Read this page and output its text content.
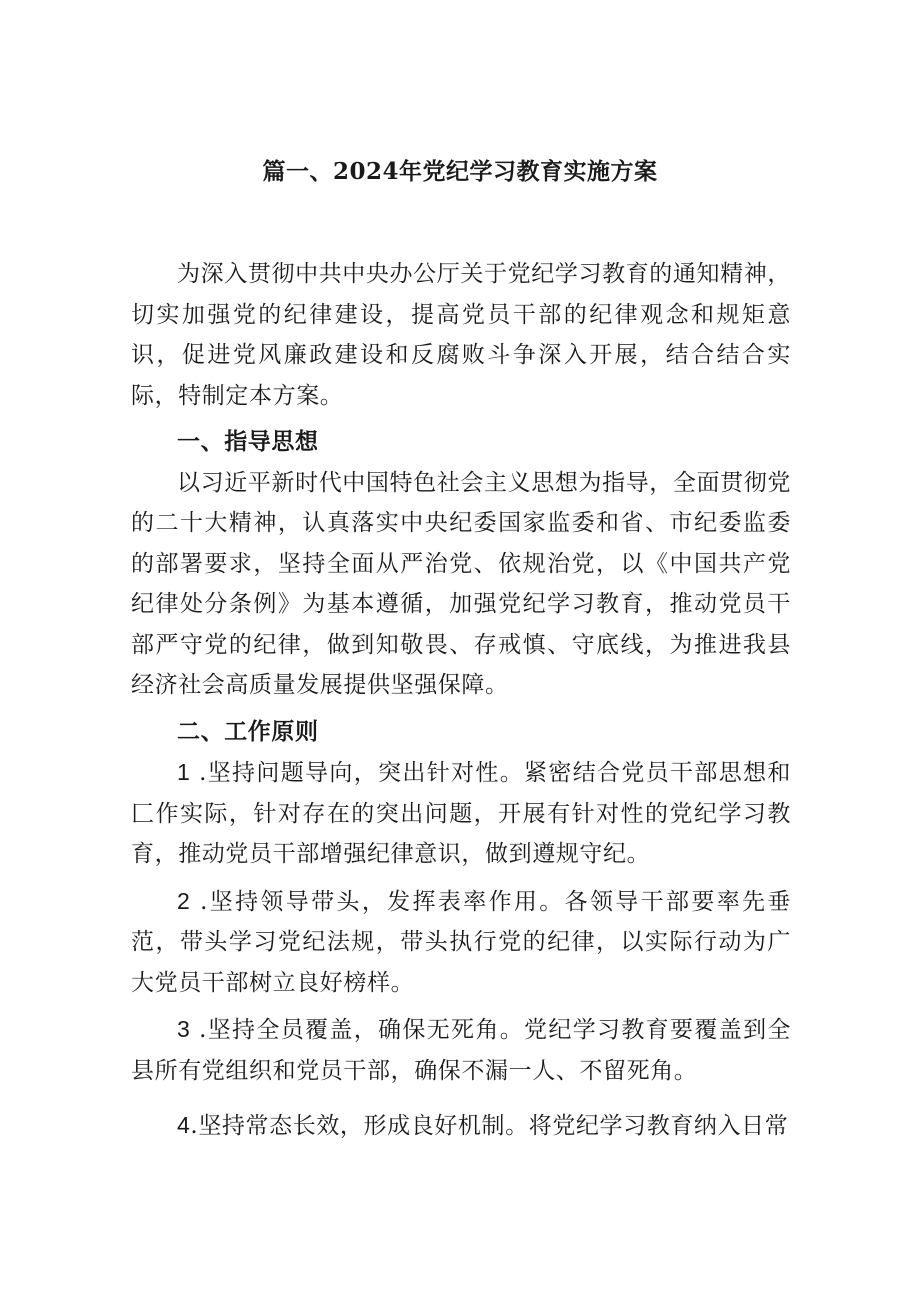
篇一、2024年党纪学习教育实施方案

为深入贯彻中共中央办公厅关于党纪学习教育的通知精神，切实加强党的纪律建设，提高党员干部的纪律观念和规矩意识，促进党风廉政建设和反腐败斗争深入开展，结合结合实际，特制定本方案。

一、指导思想

以习近平新时代中国特色社会主义思想为指导，全面贯彻党的二十大精神，认真落实中央纪委国家监委和省、市纪委监委的部署要求，坚持全面从严治党、依规治党，以《中国共产党纪律处分条例》为基本遵循，加强党纪学习教育，推动党员干部严守党的纪律，做到知敬畏、存戒慎、守底线，为推进我县经济社会高质量发展提供坚强保障。

二、工作原则

1 .坚持问题导向，突出针对性。紧密结合党员干部思想和匚作实际，针对存在的突出问题，开展有针对性的党纪学习教育，推动党员干部增强纪律意识，做到遵规守纪。

2 .坚持领导带头，发挥表率作用。各领导干部要率先垂范，带头学习党纪法规，带头执行党的纪律，以实际行动为广大党员干部树立良好榜样。

3 .坚持全员覆盖，确保无死角。党纪学习教育要覆盖到全县所有党组织和党员干部，确保不漏一人、不留死角。

4.坚持常态长效，形成良好机制。将党纪学习教育纳入日常
